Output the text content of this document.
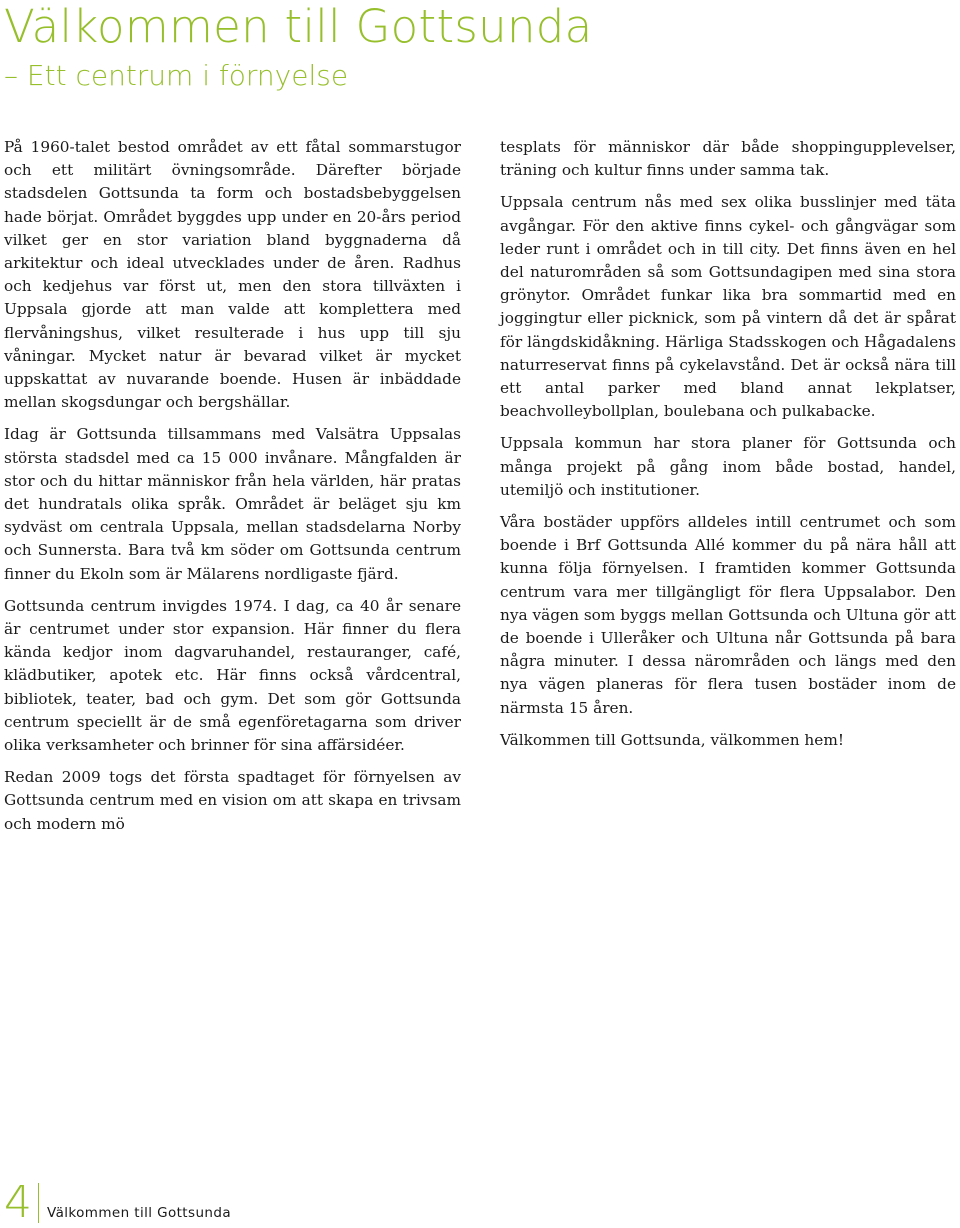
Välkommen till Gottsunda
– Ett centrum i förnyelse

På 1960-talet bestod området av ett fåtal sommarstugor och ett militärt övningsområde. Därefter började stadsdelen Gottsunda ta form och bostadsbebyggelsen hade börjat. Området byggdes upp under en 20-års period vilket ger en stor variation bland byggnaderna då arkitektur och ideal utvecklades under de åren. Radhus och kedjehus var först ut, men den stora tillväxten i Uppsala gjorde att man valde att komplettera med flervåningshus, vilket resulterade i hus upp till sju våningar. Mycket natur är bevarad vilket är mycket uppskattat av nuvarande boende. Husen är inbäddade mellan skogsdungar och bergshällar.

Idag är Gottsunda tillsammans med Valsätra Uppsalas största stadsdel med ca 15 000 invånare. Mångfalden är stor och du hittar människor från hela världen, här pratas det hundratals olika språk. Området är beläget sju km sydväst om centrala Uppsala, mellan stadsdelarna Norby och Sunnersta. Bara två km söder om Gottsunda centrum finner du Ekoln som är Mälarens nordligaste fjärd.

Gottsunda centrum invigdes 1974. I dag, ca 40 år senare är centrumet under stor expansion. Här finner du flera kända kedjor inom dagvaruhandel, restauranger, café, klädbutiker, apotek etc. Här finns också vårdcentral, bibliotek, teater, bad och gym. Det som gör Gottsunda centrum speciellt är de små egenföretagarna som driver olika verksamheter och brinner för sina affärsidéer.

Redan 2009 togs det första spadtaget för förnyelsen av Gottsunda centrum med en vision om att skapa en trivsam och modern mö

tesplats för människor där både shoppingupplevelser, träning och kultur finns under samma tak.

Uppsala centrum nås med sex olika busslinjer med täta avgångar. För den aktive finns cykel- och gångvägar som leder runt i området och in till city. Det finns även en hel del naturområden så som Gottsundagipen med sina stora grönytor. Området funkar lika bra sommartid med en joggingtur eller picknick, som på vintern då det är spårat för längdskidåkning. Härliga Stadsskogen och Hågadalens naturreservat finns på cykelavstånd. Det är också nära till ett antal parker med bland annat lekplatser, beachvolleybollplan, boulebana och pulkabacke.

Uppsala kommun har stora planer för Gottsunda och många projekt på gång inom både bostad, handel, utemiljö och institutioner.

Våra bostäder uppförs alldeles intill centrumet och som boende i Brf Gottsunda Allé kommer du på nära håll att kunna följa förnyelsen. I framtiden kommer Gottsunda centrum vara mer tillgängligt för flera Uppsalabor. Den nya vägen som byggs mellan Gottsunda och Ultuna gör att de boende i Ulleråker och Ultuna når Gottsunda på bara några minuter. I dessa närområden och längs med den nya vägen planeras för flera tusen bostäder inom de närmsta 15 åren.

Välkommen till Gottsunda, välkommen hem!

4 Välkommen till Gottsunda
